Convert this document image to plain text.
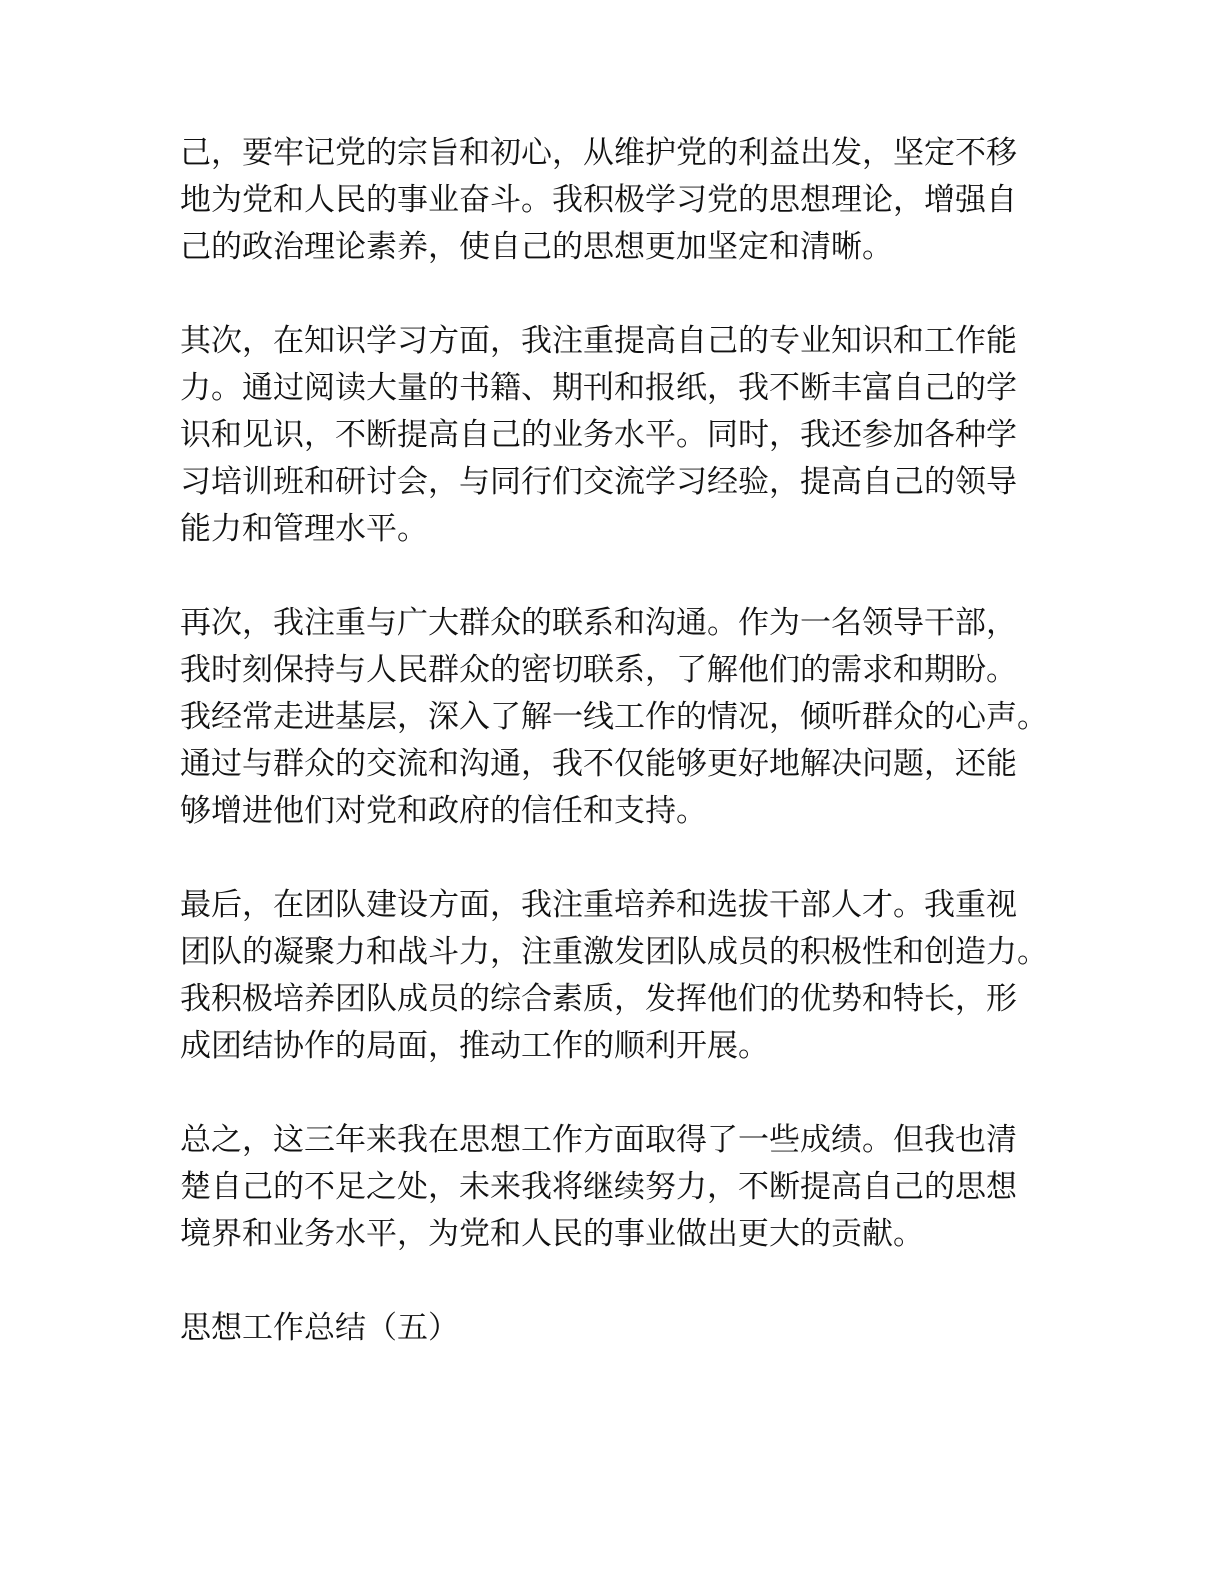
己，要牢记党的宗旨和初心，从维护党的利益出发，坚定不移
地为党和人民的事业奋斗。我积极学习党的思想理论，增强自
己的政治理论素养，使自己的思想更加坚定和清晰。

其次，在知识学习方面，我注重提高自己的专业知识和工作能
力。通过阅读大量的书籍、期刊和报纸，我不断丰富自己的学
识和见识，不断提高自己的业务水平。同时，我还参加各种学
习培训班和研讨会，与同行们交流学习经验，提高自己的领导
能力和管理水平。

再次，我注重与广大群众的联系和沟通。作为一名领导干部，
我时刻保持与人民群众的密切联系，了解他们的需求和期盼。
我经常走进基层，深入了解一线工作的情况，倾听群众的心声。
通过与群众的交流和沟通，我不仅能够更好地解决问题，还能
够增进他们对党和政府的信任和支持。

最后，在团队建设方面，我注重培养和选拔干部人才。我重视
团队的凝聚力和战斗力，注重激发团队成员的积极性和创造力。
我积极培养团队成员的综合素质，发挥他们的优势和特长，形
成团结协作的局面，推动工作的顺利开展。

总之，这三年来我在思想工作方面取得了一些成绩。但我也清
楚自己的不足之处，未来我将继续努力，不断提高自己的思想
境界和业务水平，为党和人民的事业做出更大的贡献。

思想工作总结（五）
